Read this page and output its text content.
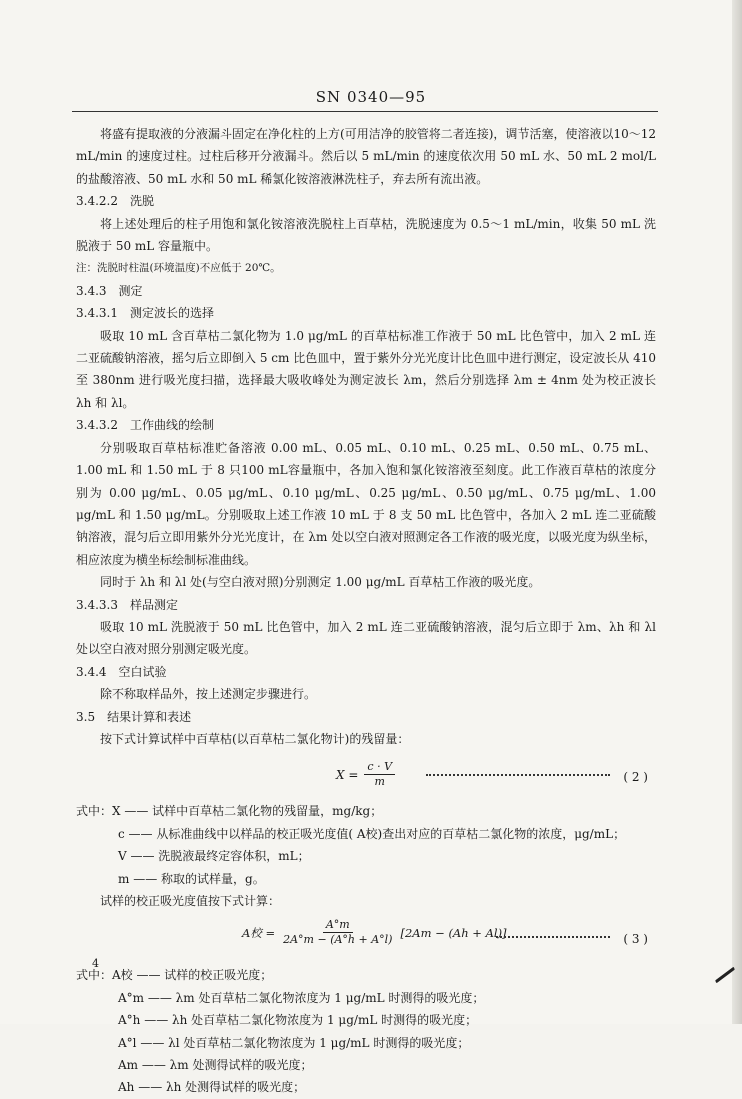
SN 0340—95

将盛有提取液的分液漏斗固定在净化柱的上方(可用洁净的胶管将二者连接)，调节活塞，使溶液以10～12 mL/min 的速度过柱。过柱后移开分液漏斗。然后以 5 mL/min 的速度依次用 50 mL 水、50 mL 2 mol/L 的盐酸溶液、50 mL 水和 50 mL 稀氯化铵溶液淋洗柱子，弃去所有流出液。

3.4.2.2　洗脱

将上述处理后的柱子用饱和氯化铵溶液洗脱柱上百草枯，洗脱速度为 0.5～1 mL/min，收集 50 mL 洗脱液于 50 mL 容量瓶中。

注：洗脱时柱温(环境温度)不应低于 20℃。

3.4.3　测定

3.4.3.1　测定波长的选择

吸取 10 mL 含百草枯二氯化物为 1.0 μg/mL 的百草枯标准工作液于 50 mL 比色管中，加入 2 mL 连二亚硫酸钠溶液，摇匀后立即倒入 5 cm 比色皿中，置于紫外分光光度计比色皿中进行测定，设定波长从 410 至 380nm 进行吸光度扫描，选择最大吸收峰处为测定波长 λm，然后分别选择 λm ± 4nm 处为校正波长 λh 和 λl。

3.4.3.2　工作曲线的绘制

分别吸取百草枯标准贮备溶液 0.00 mL、0.05 mL、0.10 mL、0.25 mL、0.50 mL、0.75 mL、1.00 mL 和 1.50 mL 于 8 只100 mL容量瓶中，各加入饱和氯化铵溶液至刻度。此工作液百草枯的浓度分别为 0.00 μg/mL、0.05 μg/mL、0.10 μg/mL、0.25 μg/mL、0.50 μg/mL、0.75 μg/mL、1.00 μg/mL 和 1.50 μg/mL。分别吸取上述工作液 10 mL 于 8 支 50 mL 比色管中，各加入 2 mL 连二亚硫酸钠溶液，混匀后立即用紫外分光光度计，在 λm 处以空白液对照测定各工作液的吸光度，以吸光度为纵坐标，相应浓度为横坐标绘制标准曲线。

同时于 λh 和 λl 处(与空白液对照)分别测定 1.00 μg/mL 百草枯工作液的吸光度。

3.4.3.3　样品测定

吸取 10 mL 洗脱液于 50 mL 比色管中，加入 2 mL 连二亚硫酸钠溶液，混匀后立即于 λm、λh 和 λl 处以空白液对照分别测定吸光度。

3.4.4　空白试验

除不称取样品外，按上述测定步骤进行。

3.5　结果计算和表述

按下式计算试样中百草枯(以百草枯二氯化物计)的残留量：

$X = \frac{c \cdot V}{m}$	( 2 )

式中：X —— 试样中百草枯二氯化物的残留量，mg/kg；

c —— 从标准曲线中以样品的校正吸光度值( A校)查出对应的百草枯二氯化物的浓度，μg/mL；

V —— 洗脱液最终定容体积，mL；

m —— 称取的试样量，g。

试样的校正吸光度值按下式计算：

A校 = $\frac{A^\circ m}{2A^\circ m - (A^\circ h + A^\circ l)} [2Am - (Ah + Al)]$	( 3 )

式中：A校 —— 试样的校正吸光度；

A°m —— λm 处百草枯二氯化物浓度为 1 μg/mL 时测得的吸光度；

A°h —— λh 处百草枯二氯化物浓度为 1 μg/mL 时测得的吸光度；

A°l —— λl 处百草枯二氯化物浓度为 1 μg/mL 时测得的吸光度；

Am —— λm 处测得试样的吸光度；

Ah —— λh 处测得试样的吸光度；

4
